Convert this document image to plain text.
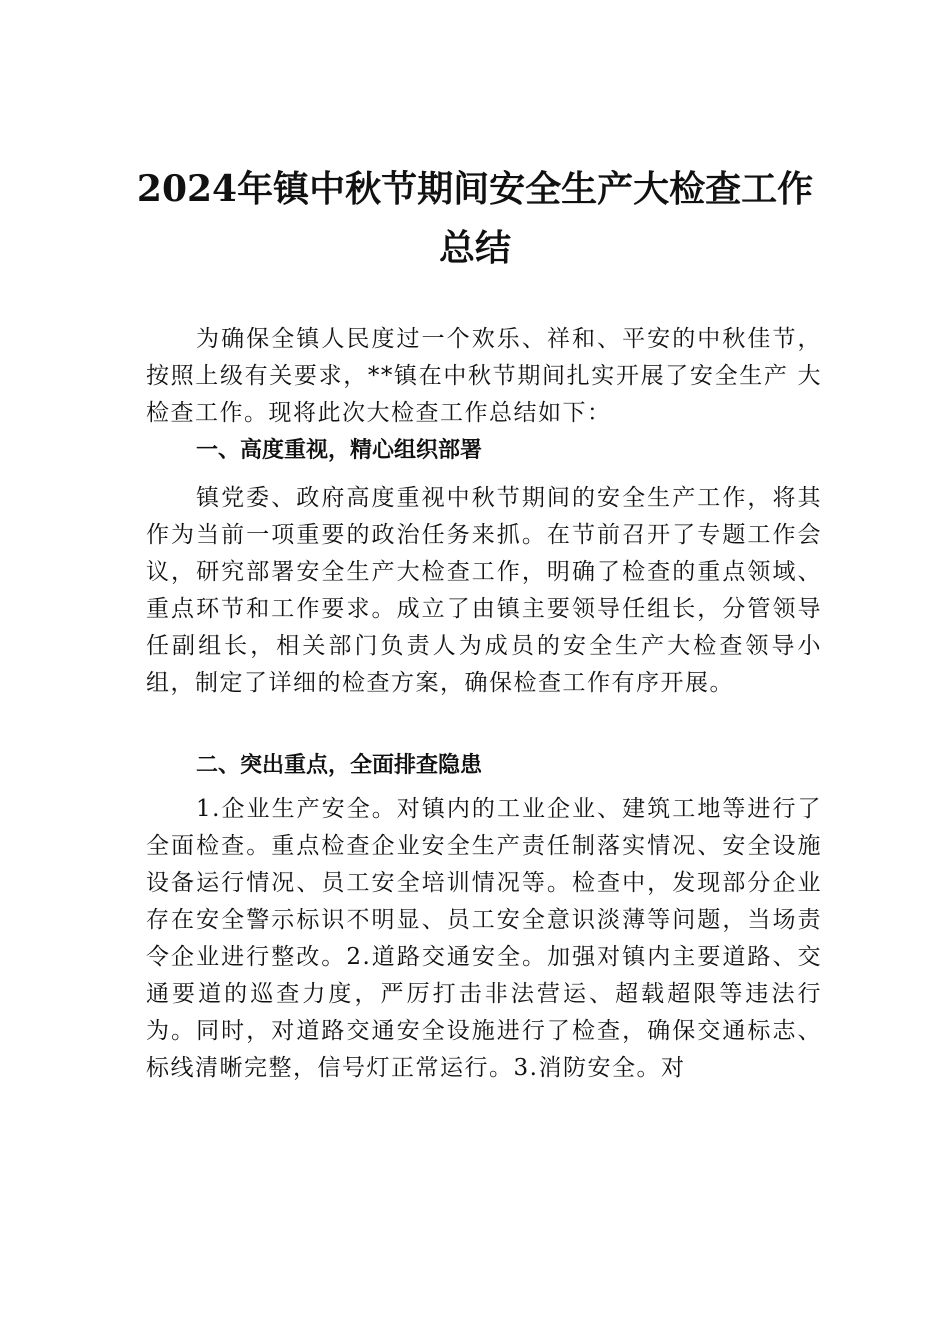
2024年镇中秋节期间安全生产大检查工作
总结

为确保全镇人民度过一个欢乐、祥和、平安的中秋佳节， 按照上级有关要求，**镇在中秋节期间扎实开展了安全生产 大检查工作。现将此次大检查工作总结如下：

一、高度重视，精心组织部署

镇党委、政府高度重视中秋节期间的安全生产工作，将其作为当前一项重要的政治任务来抓。在节前召开了专题工作会议，研究部署安全生产大检查工作，明确了检查的重点领域、重点环节和工作要求。成立了由镇主要领导任组长，分管领导任副组长，相关部门负责人为成员的安全生产大检查领导小组，制定了详细的检查方案，确保检查工作有序开展。

二、突出重点，全面排查隐患

1.企业生产安全。对镇内的工业企业、建筑工地等进行了全面检查。重点检查企业安全生产责任制落实情况、安全设施设备运行情况、员工安全培训情况等。检查中，发现部分企业存在安全警示标识不明显、员工安全意识淡薄等问题，当场责令企业进行整改。2.道路交通安全。加强对镇内主要道路、交通要道的巡查力度，严厉打击非法营运、超载超限等违法行为。同时，对道路交通安全设施进行了检查，确保交通标志、标线清晰完整，信号灯正常运行。3.消防安全。对
